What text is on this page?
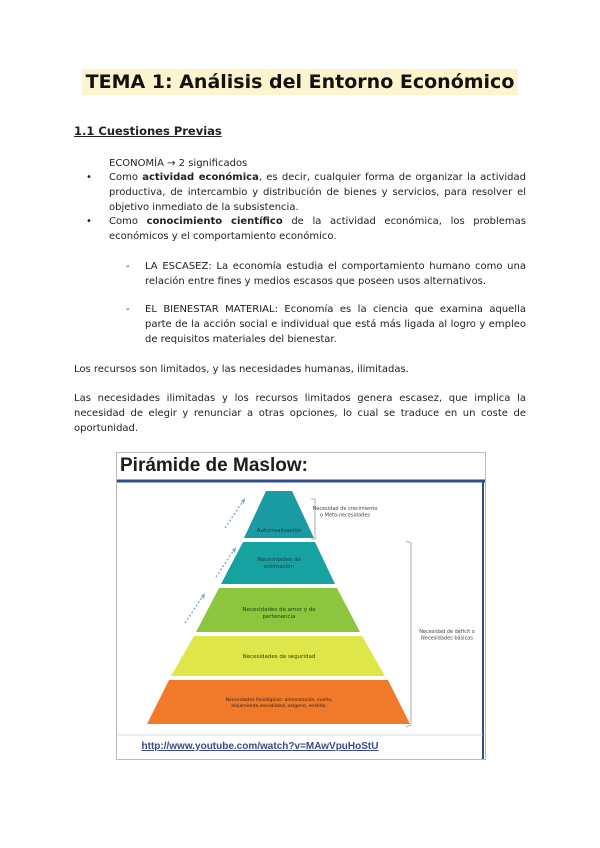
TEMA 1: Análisis del Entorno Económico
1.1 Cuestiones Previas
ECONOMÍA → 2 significados
• Como actividad económica, es decir, cualquier forma de organizar la actividad productiva, de intercambio y distribución de bienes y servicios, para resolver el objetivo inmediato de la subsistencia.
• Como conocimiento científico de la actividad económica, los problemas económicos y el comportamiento económico.
- LA ESCASEZ: La economía estudia el comportamiento humano como una relación entre fines y medios escasos que poseen usos alternativos.
- EL BIENESTAR MATERIAL: Economía es la ciencia que examina aquella parte de la acción social e individual que está más ligada al logro y empleo de requisitos materiales del bienestar.
Los recursos son limitados, y las necesidades humanas, ilimitadas.
Las necesidades ilimitadas y los recursos limitados genera escasez, que implica la necesidad de elegir y renunciar a otras opciones, lo cual se traduce en un coste de oportunidad.
Pirámide de Maslow:
Autorrealización
Necesidades de estimación
Necesidades de amor y de pertenencia
Necesidades de seguridad
Necesidades fisiológicas: alimentación, sueño, alojamiento,sexualidad, oxígeno, vestido.
Necesidad de crecimiento o Meta-necesidades
Necesidad de déficit o Necesidades básicas
http://www.youtube.com/watch?v=MAwVpuHoStU
